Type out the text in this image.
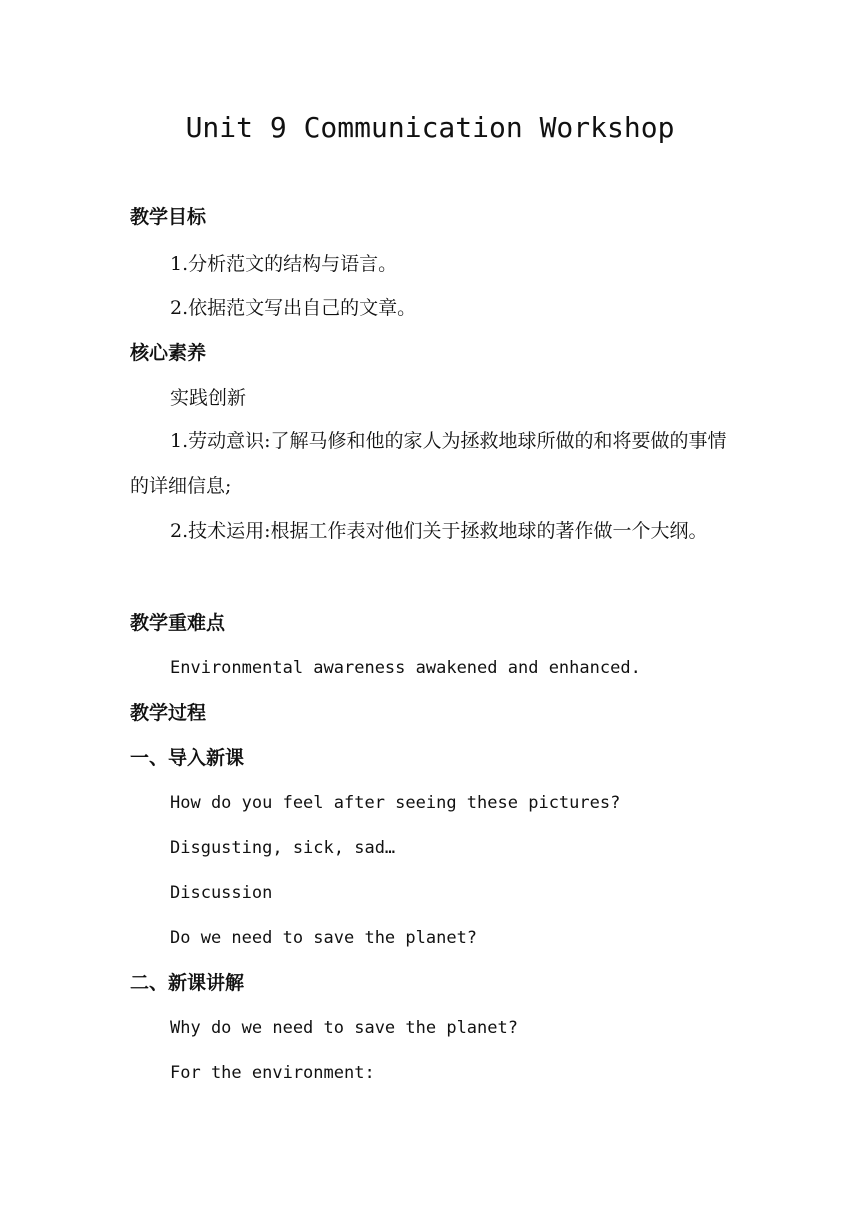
Unit 9 Communication Workshop
教学目标
1.分析范文的结构与语言。
2.依据范文写出自己的文章。
核心素养
实践创新
1.劳动意识:了解马修和他的家人为拯救地球所做的和将要做的事情的详细信息;
2.技术运用:根据工作表对他们关于拯救地球的著作做一个大纲。
教学重难点
Environmental awareness awakened and enhanced.
教学过程
一、导入新课
How do you feel after seeing these pictures?
Disgusting, sick, sad…
Discussion
Do we need to save the planet?
二、新课讲解
Why do we need to save the planet?
For the environment:
